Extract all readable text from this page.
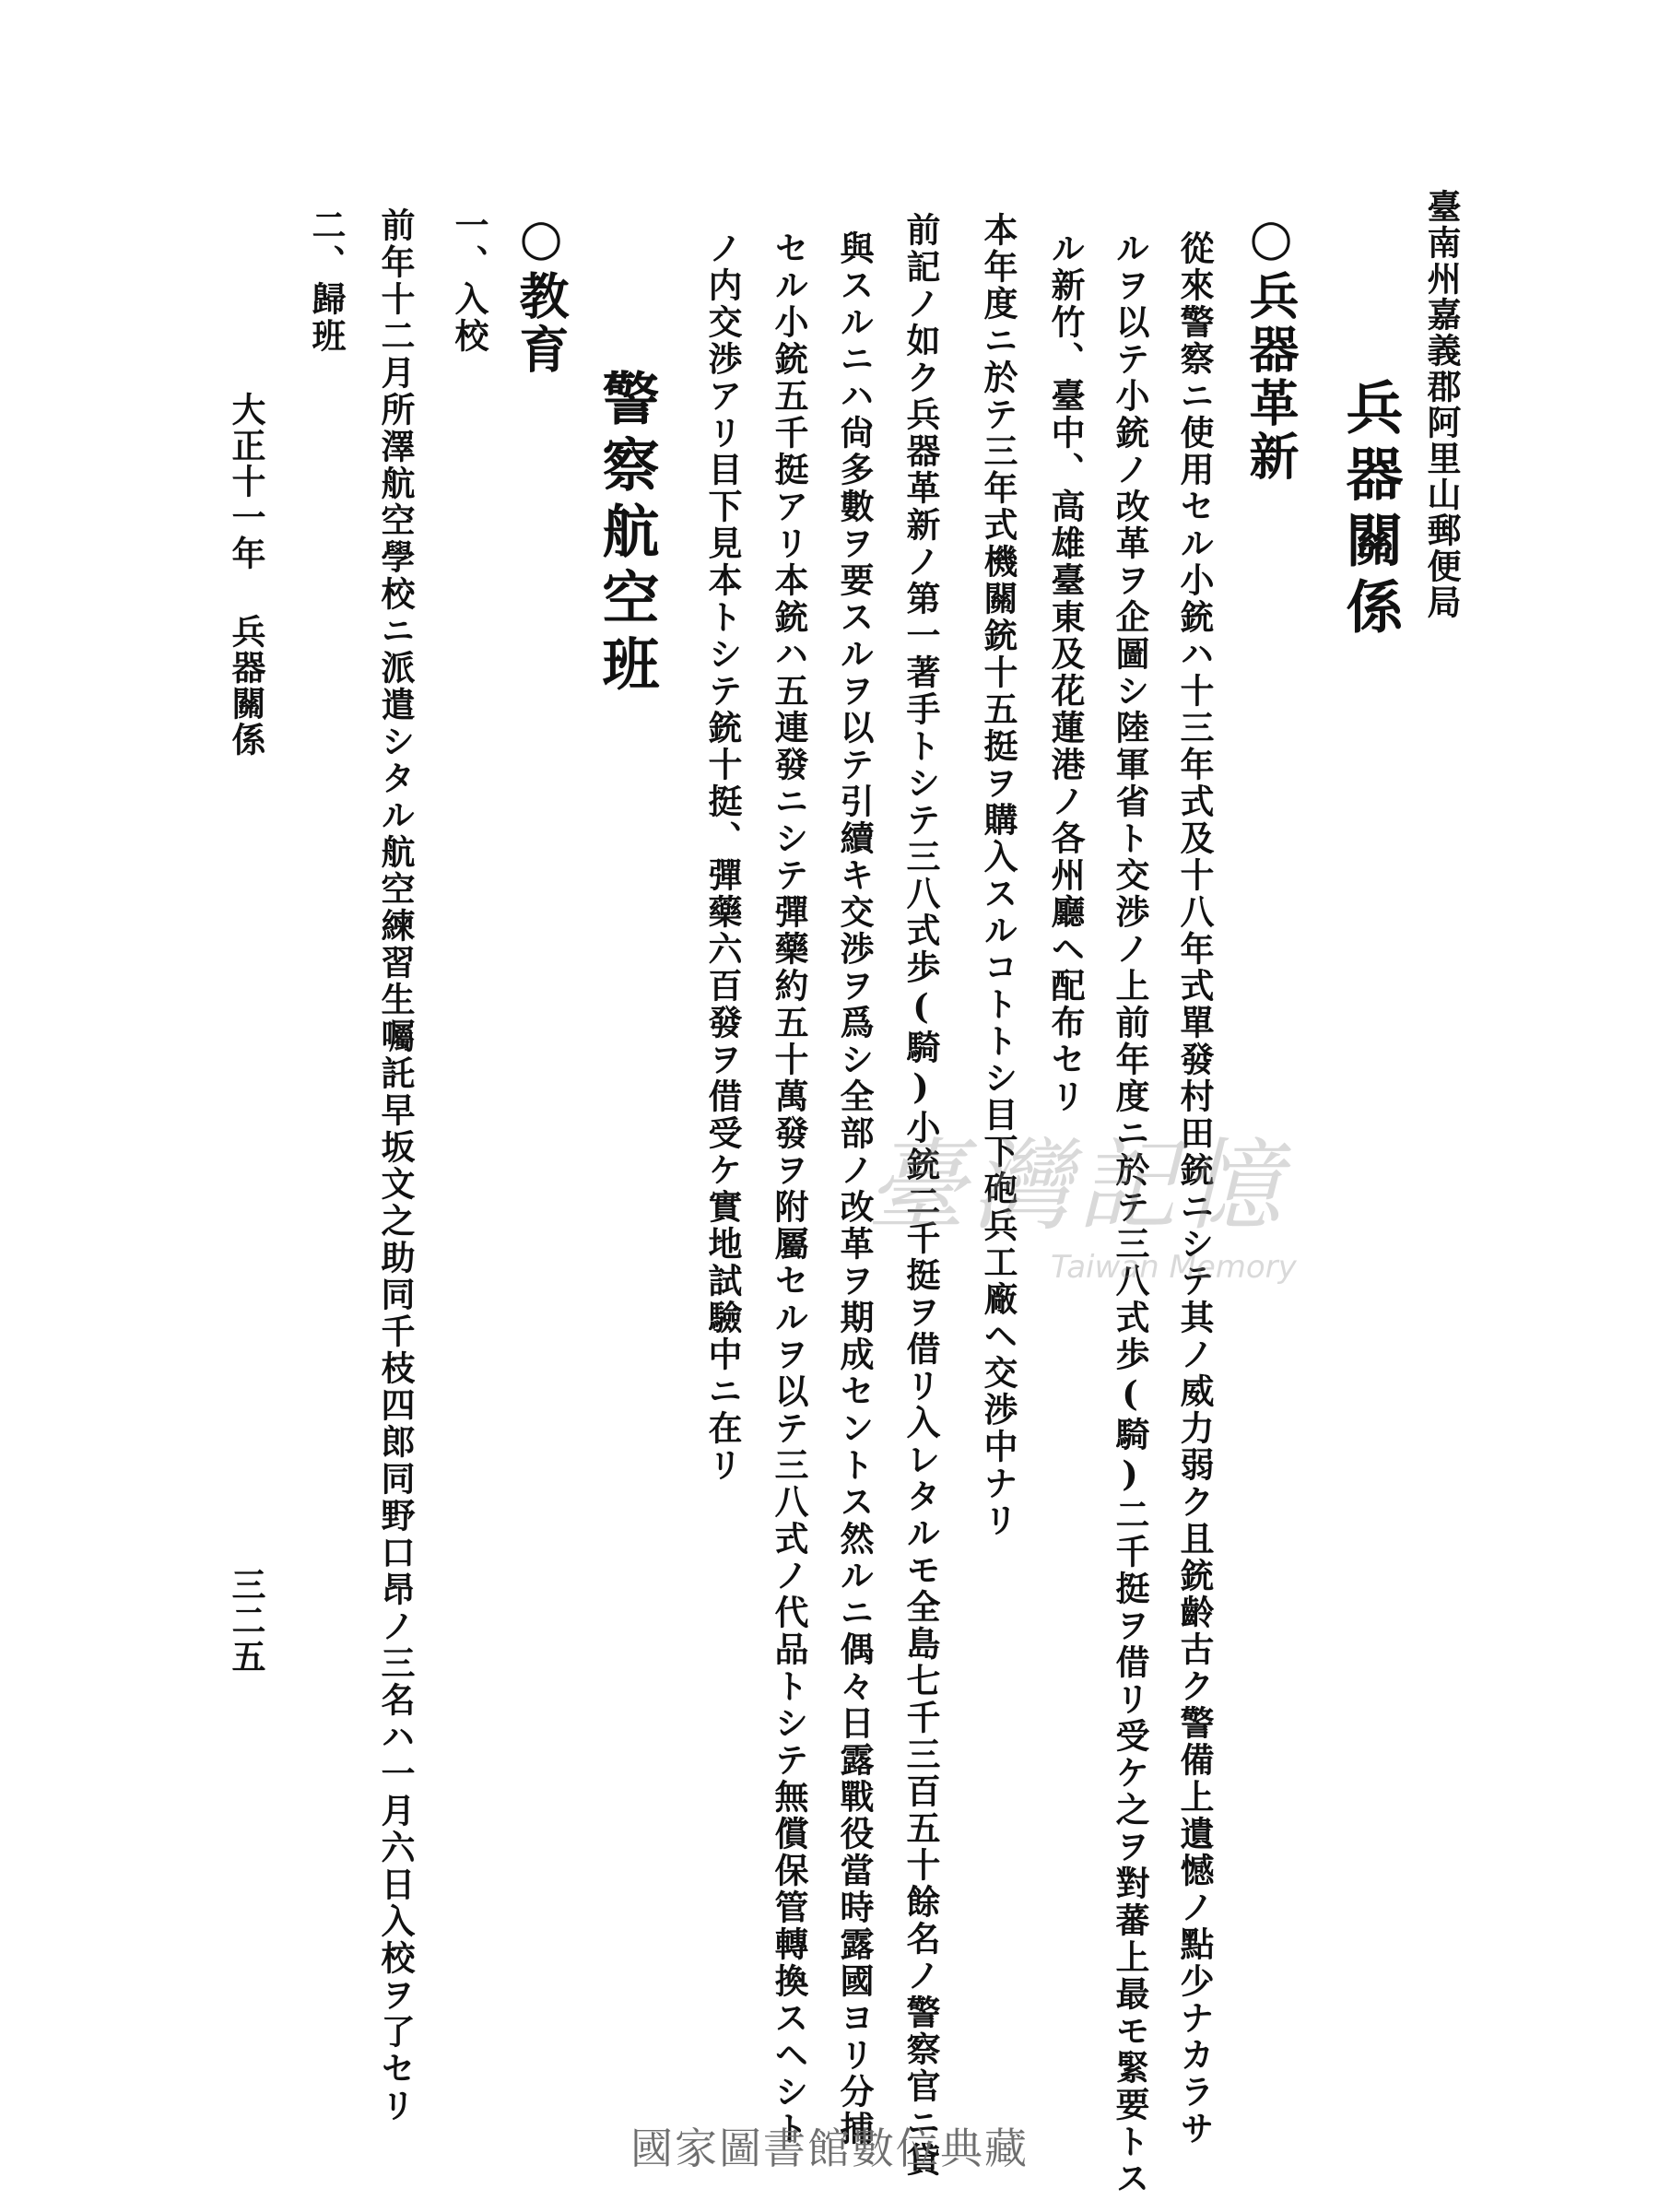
臺南州嘉義郡阿里山郵便局
兵器關係
○兵器革新
從來警察ニ使用セル小銃ハ十三年式及十八年式單發村田銃ニシテ其ノ威力弱ク且銃齡古ク警備上遺憾ノ點少ナカラサ
ルヲ以テ小銃ノ改革ヲ企圖シ陸軍省ト交渉ノ上前年度ニ於テ三八式歩(騎)二千挺ヲ借リ受ケ之ヲ對蕃上最モ緊要トス
ル新竹、臺中、高雄臺東及花蓮港ノ各州廳ヘ配布セリ
本年度ニ於テ三年式機關銃十五挺ヲ購入スルコトトシ目下砲兵工廠ヘ交渉中ナリ
前記ノ如ク兵器革新ノ第一著手トシテ三八式歩(騎)小銃二千挺ヲ借リ入レタルモ全島七千三百五十餘名ノ警察官ニ貸
與スルニハ尙多數ヲ要スルヲ以テ引續キ交渉ヲ爲シ全部ノ改革ヲ期成セントス然ルニ偶々日露戰役當時露國ヨリ分捕
セル小銃五千挺アリ本銃ハ五連發ニシテ彈藥約五十萬發ヲ附屬セルヲ以テ三八式ノ代品トシテ無償保管轉換スヘシト
ノ内交渉アリ目下見本トシテ銃十挺、彈藥六百發ヲ借受ケ實地試驗中ニ在リ
警察航空班
○教育
一、入校
前年十二月所澤航空學校ニ派遣シタル航空練習生囑託早坂文之助同千枝四郎同野口昂ノ三名ハ一月六日入校ヲ了セリ
二、歸班
大正十一年 兵器關係
三二五
臺灣記憶
Taiwan Memory
國家圖書館數位典藏
